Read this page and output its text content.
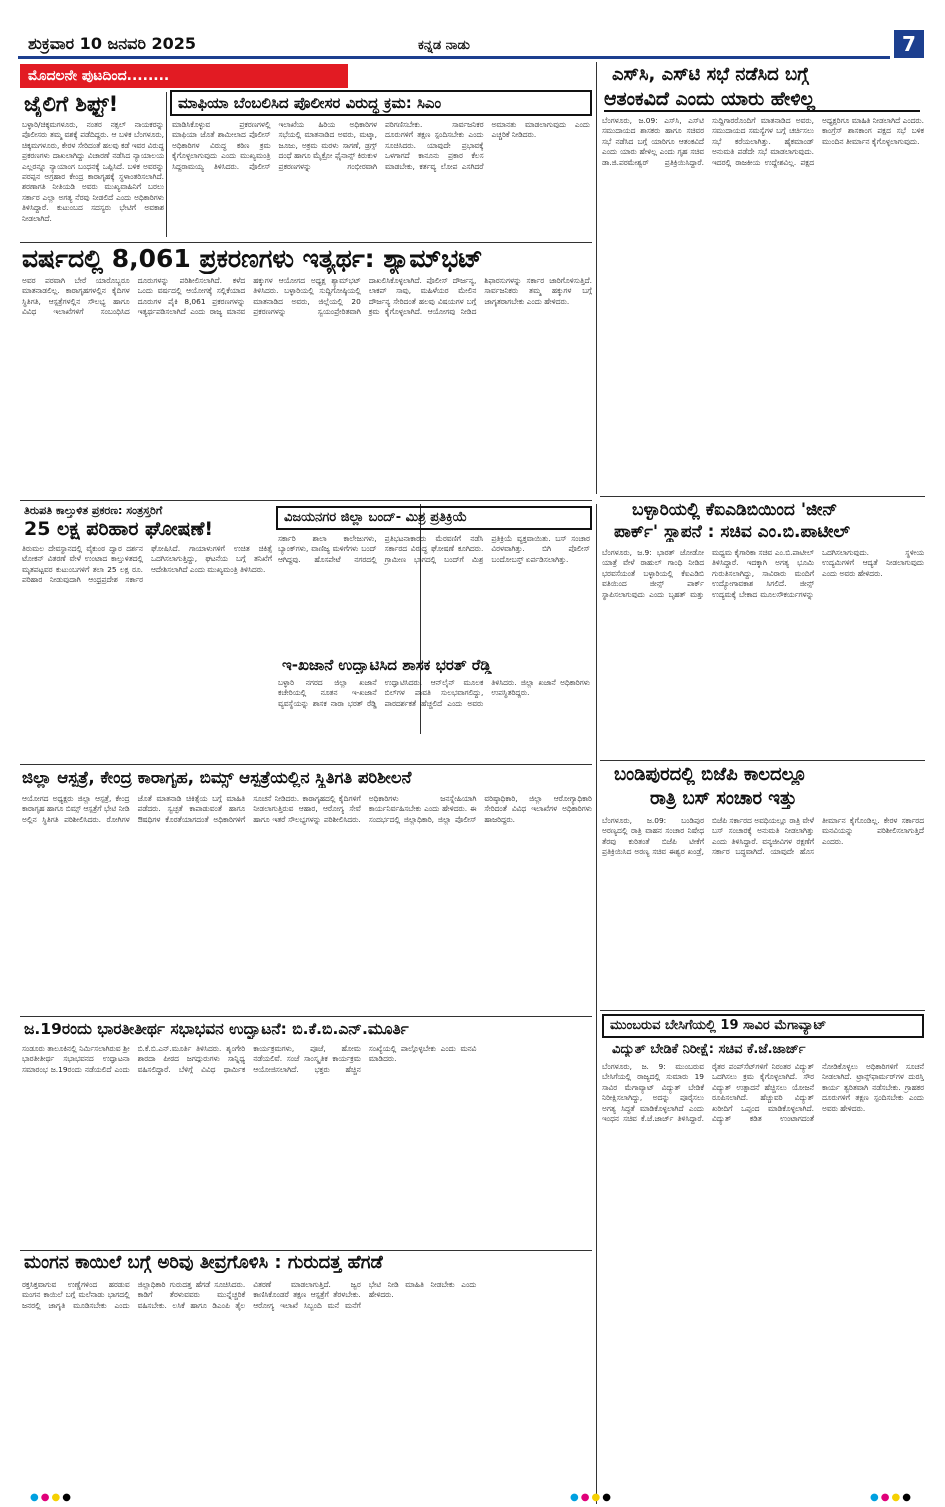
ಶುಕ್ರವಾರ 10 ಜನವರಿ 2025	ಕನ್ನಡ ನಾಡು	7
ಮೊದಲನೇ ಪುಟದಿಂದ........
ಜೈಲಿಗೆ ಶಿಫ್ಟ್!
ಬಳ್ಳಾರಿ/ಚಿಕ್ಕಮಗಳೂರು, ನಂತರ ನಕ್ಸಲ್ ನಾಯಕರನ್ನು ಪೊಲೀಸರು ತಮ್ಮ ವಶಕ್ಕೆ ಪಡೆದಿದ್ದರು. ಆ ಬಳಿಕ ಬೆಂಗಳೂರು, ಚಿಕ್ಕಮಗಳೂರು, ಕೇರಳ ಸೇರಿದಂತೆ ಹಲವು ಕಡೆ ಇವರ ವಿರುದ್ಧ ಪ್ರಕರಣಗಳು ದಾಖಲಾಗಿದ್ದು ವಿಚಾರಣೆ ನಡೆಸಿದ ನ್ಯಾಯಾಲಯ ಎಲ್ಲರನ್ನೂ ನ್ಯಾಯಾಂಗ ಬಂಧನಕ್ಕೆ ಒಪ್ಪಿಸಿದೆ. ಬಳಿಕ ಅವರನ್ನು ಪರಪ್ಪನ ಅಗ್ರಹಾರ ಕೇಂದ್ರ ಕಾರಾಗೃಹಕ್ಕೆ ಸ್ಥಳಾಂತರಿಸಲಾಗಿದೆ. ಶರಣಾಗತಿ ನೀತಿಯಡಿ ಅವರು ಮುಖ್ಯವಾಹಿನಿಗೆ ಬರಲು ಸರ್ಕಾರ ಎಲ್ಲಾ ಅಗತ್ಯ ನೆರವು ನೀಡಲಿದೆ ಎಂದು ಅಧಿಕಾರಿಗಳು ತಿಳಿಸಿದ್ದಾರೆ. ಕುಟುಂಬದ ಸದಸ್ಯರು ಭೇಟಿಗೆ ಅವಕಾಶ ನೀಡಲಾಗಿದೆ.
ಮಾಫಿಯಾ ಬೆಂಬಲಿಸಿದ ಪೊಲೀಸರ ವಿರುದ್ಧ ಕ್ರಮ: ಸಿಎಂ
ಮಾಡಿಸಿಕೊಳ್ಳುವ ಪ್ರಕರಣಗಳಲ್ಲಿ ಮಾಫಿಯಾ ಜೊತೆ ಶಾಮೀಲಾದ ಪೊಲೀಸ್ ಅಧಿಕಾರಿಗಳ ವಿರುದ್ಧ ಕಠಿಣ ಕ್ರಮ ಕೈಗೊಳ್ಳಲಾಗುವುದು ಎಂದು ಮುಖ್ಯಮಂತ್ರಿ ಸಿದ್ದರಾಮಯ್ಯ ತಿಳಿಸಿದರು. ಪೊಲೀಸ್ ಇಲಾಖೆಯ ಹಿರಿಯ ಅಧಿಕಾರಿಗಳ ಸಭೆಯಲ್ಲಿ ಮಾತನಾಡಿದ ಅವರು, ಮಟ್ಕಾ, ಜೂಜು, ಅಕ್ರಮ ಮರಳು ಸಾಗಣೆ, ಡ್ರಗ್ಸ್ ದಂಧೆ ಹಾಗೂ ಮೈಕ್ರೋ ಫೈನಾನ್ಸ್ ಕಿರುಕುಳ ಪ್ರಕರಣಗಳನ್ನು ಗಂಭೀರವಾಗಿ ಪರಿಗಣಿಸಬೇಕು. ಸಾರ್ವಜನಿಕರ ದೂರುಗಳಿಗೆ ತಕ್ಷಣ ಸ್ಪಂದಿಸಬೇಕು ಎಂದು ಸೂಚಿಸಿದರು. ಯಾವುದೇ ಪ್ರಭಾವಕ್ಕೆ ಒಳಗಾಗದೆ ಕಾನೂನು ಪ್ರಕಾರ ಕೆಲಸ ಮಾಡಬೇಕು, ಕರ್ತವ್ಯ ಲೋಪ ಎಸಗಿದರೆ ಅಮಾನತು ಮಾಡಲಾಗುವುದು ಎಂದು ಎಚ್ಚರಿಕೆ ನೀಡಿದರು.
ಎಸ್‌ಸಿ, ಎಸ್‌ಟಿ ಸಭೆ ನಡೆಸಿದ ಬಗ್ಗೆ
ಆತಂಕವಿದೆ ಎಂದು ಯಾರು ಹೇಳಿಲ್ಲ
ಬೆಂಗಳೂರು, ಜ.09: ಎಸ್‌ಸಿ, ಎಸ್‌ಟಿ ಸಮುದಾಯದ ಶಾಸಕರು ಹಾಗೂ ಸಚಿವರ ಸಭೆ ನಡೆಸಿದ ಬಗ್ಗೆ ಯಾರಿಗೂ ಆತಂಕವಿದೆ ಎಂದು ಯಾರು ಹೇಳಿಲ್ಲ ಎಂದು ಗೃಹ ಸಚಿವ ಡಾ.ಜಿ.ಪರಮೇಶ್ವರ್ ಪ್ರತಿಕ್ರಿಯಿಸಿದ್ದಾರೆ. ಸುದ್ದಿಗಾರರೊಂದಿಗೆ ಮಾತನಾಡಿದ ಅವರು, ಸಮುದಾಯದ ಸಮಸ್ಯೆಗಳ ಬಗ್ಗೆ ಚರ್ಚಿಸಲು ಸಭೆ ಕರೆಯಲಾಗಿತ್ತು. ಹೈಕಮಾಂಡ್ ಅನುಮತಿ ಪಡೆದೇ ಸಭೆ ಮಾಡಲಾಗುವುದು. ಇದರಲ್ಲಿ ರಾಜಕೀಯ ಉದ್ದೇಶವಿಲ್ಲ. ಪಕ್ಷದ ಅಧ್ಯಕ್ಷರಿಗೂ ಮಾಹಿತಿ ನೀಡಲಾಗಿದೆ ಎಂದರು. ಕಾಂಗ್ರೆಸ್ ಶಾಸಕಾಂಗ ಪಕ್ಷದ ಸಭೆ ಬಳಿಕ ಮುಂದಿನ ತೀರ್ಮಾನ ಕೈಗೊಳ್ಳಲಾಗುವುದು.
ವರ್ಷದಲ್ಲಿ 8,061 ಪ್ರಕರಣಗಳು ಇತ್ಯರ್ಥ: ಶ್ಯಾಮ್‌ಭಟ್
ಅವರ ಪರವಾಗಿ ಬೇರೆ ಯಾರೊಬ್ಬರೂ ಮಾತನಾಡಲಿಲ್ಲ. ಕಾರಾಗೃಹಗಳಲ್ಲಿನ ಕೈದಿಗಳ ಸ್ಥಿತಿಗತಿ, ಆಸ್ಪತ್ರೆಗಳಲ್ಲಿನ ಸೌಲಭ್ಯ ಹಾಗೂ ವಿವಿಧ ಇಲಾಖೆಗಳಿಗೆ ಸಂಬಂಧಿಸಿದ ದೂರುಗಳನ್ನು ಪರಿಶೀಲಿಸಲಾಗಿದೆ. ಕಳೆದ ಒಂದು ವರ್ಷದಲ್ಲಿ ಆಯೋಗಕ್ಕೆ ಸಲ್ಲಿಕೆಯಾದ ದೂರುಗಳ ಪೈಕಿ 8,061 ಪ್ರಕರಣಗಳನ್ನು ಇತ್ಯರ್ಥಪಡಿಸಲಾಗಿದೆ ಎಂದು ರಾಜ್ಯ ಮಾನವ ಹಕ್ಕುಗಳ ಆಯೋಗದ ಅಧ್ಯಕ್ಷ ಶ್ಯಾಮ್‌ಭಟ್ ತಿಳಿಸಿದರು. ಬಳ್ಳಾರಿಯಲ್ಲಿ ಸುದ್ದಿಗೋಷ್ಠಿಯಲ್ಲಿ ಮಾತನಾಡಿದ ಅವರು, ಜಿಲ್ಲೆಯಲ್ಲಿ 20 ಪ್ರಕರಣಗಳನ್ನು ಸ್ವಯಂಪ್ರೇರಿತವಾಗಿ ದಾಖಲಿಸಿಕೊಳ್ಳಲಾಗಿದೆ. ಪೊಲೀಸ್ ದೌರ್ಜನ್ಯ, ಲಾಕಪ್ ಸಾವು, ಮಹಿಳೆಯರ ಮೇಲಿನ ದೌರ್ಜನ್ಯ ಸೇರಿದಂತೆ ಹಲವು ವಿಷಯಗಳ ಬಗ್ಗೆ ಕ್ರಮ ಕೈಗೊಳ್ಳಲಾಗಿದೆ. ಆಯೋಗವು ನೀಡಿದ ಶಿಫಾರಸುಗಳನ್ನು ಸರ್ಕಾರ ಜಾರಿಗೊಳಿಸುತ್ತಿದೆ. ಸಾರ್ವಜನಿಕರು ತಮ್ಮ ಹಕ್ಕುಗಳ ಬಗ್ಗೆ ಜಾಗೃತರಾಗಬೇಕು ಎಂದು ಹೇಳಿದರು.
ತಿರುಪತಿ ಕಾಲ್ತುಳಿತ ಪ್ರಕರಣ: ಸಂತ್ರಸ್ತರಿಗೆ
25 ಲಕ್ಷ ಪರಿಹಾರ ಘೋಷಣೆ!
ತಿರುಮಲ ದೇವಸ್ಥಾನದಲ್ಲಿ ವೈಕುಂಠ ದ್ವಾರ ದರ್ಶನ ಟೋಕನ್ ವಿತರಣೆ ವೇಳೆ ಉಂಟಾದ ಕಾಲ್ತುಳಿತದಲ್ಲಿ ಮೃತಪಟ್ಟವರ ಕುಟುಂಬಗಳಿಗೆ ತಲಾ 25 ಲಕ್ಷ ರೂ. ಪರಿಹಾರ ನೀಡುವುದಾಗಿ ಆಂಧ್ರಪ್ರದೇಶ ಸರ್ಕಾರ ಘೋಷಿಸಿದೆ. ಗಾಯಾಳುಗಳಿಗೆ ಉಚಿತ ಚಿಕಿತ್ಸೆ ಒದಗಿಸಲಾಗುತ್ತಿದ್ದು, ಘಟನೆಯ ಬಗ್ಗೆ ತನಿಖೆಗೆ ಆದೇಶಿಸಲಾಗಿದೆ ಎಂದು ಮುಖ್ಯಮಂತ್ರಿ ತಿಳಿಸಿದರು.
ವಿಜಯನಗರ ಜಿಲ್ಲಾ ಬಂದ್- ಮಿಶ್ರ ಪ್ರತಿಕ್ರಿಯೆ
ಸರ್ಕಾರಿ ಶಾಲಾ ಕಾಲೇಜುಗಳು, ಬ್ಯಾಂಕ್‌ಗಳು, ವಾಣಿಜ್ಯ ಮಳಿಗೆಗಳು ಬಂದ್ ಆಗಿದ್ದವು. ಹೊಸಪೇಟೆ ನಗರದಲ್ಲಿ ಪ್ರತಿಭಟನಾಕಾರರು ಮೆರವಣಿಗೆ ನಡೆಸಿ ಸರ್ಕಾರದ ವಿರುದ್ಧ ಘೋಷಣೆ ಕೂಗಿದರು. ಗ್ರಾಮೀಣ ಭಾಗದಲ್ಲಿ ಬಂದ್‌ಗೆ ಮಿಶ್ರ ಪ್ರತಿಕ್ರಿಯೆ ವ್ಯಕ್ತವಾಯಿತು. ಬಸ್ ಸಂಚಾರ ವಿರಳವಾಗಿತ್ತು. ಬಿಗಿ ಪೊಲೀಸ್ ಬಂದೋಬಸ್ತ್ ಏರ್ಪಡಿಸಲಾಗಿತ್ತು.
ಇ-ಖಜಾನೆ ಉದ್ಘಾಟಿಸಿದ ಶಾಸಕ ಭರತ್ ರೆಡ್ಡಿ
ಬಳ್ಳಾರಿ ನಗರದ ಜಿಲ್ಲಾ ಖಜಾನೆ ಕಚೇರಿಯಲ್ಲಿ ನೂತನ ಇ-ಖಜಾನೆ ವ್ಯವಸ್ಥೆಯನ್ನು ಶಾಸಕ ನಾರಾ ಭರತ್ ರೆಡ್ಡಿ ಉದ್ಘಾಟಿಸಿದರು. ಆನ್‌ಲೈನ್ ಮೂಲಕ ಬಿಲ್‌ಗಳ ಪಾವತಿ ಸುಲಭವಾಗಲಿದ್ದು, ಪಾರದರ್ಶಕತೆ ಹೆಚ್ಚಲಿದೆ ಎಂದು ಅವರು ತಿಳಿಸಿದರು. ಜಿಲ್ಲಾ ಖಜಾನೆ ಅಧಿಕಾರಿಗಳು ಉಪಸ್ಥಿತರಿದ್ದರು.
ಬಳ್ಳಾರಿಯಲ್ಲಿ ಕೆಐಎಡಿಬಿಯಿಂದ 'ಜೀನ್
ಪಾರ್ಕ್' ಸ್ಥಾಪನೆ : ಸಚಿವ ಎಂ.ಬಿ.ಪಾಟೀಲ್
ಬೆಂಗಳೂರು, ಜ.9: ಭಾರತ್ ಜೋಡೋ ಯಾತ್ರೆ ವೇಳೆ ರಾಹುಲ್ ಗಾಂಧಿ ನೀಡಿದ ಭರವಸೆಯಂತೆ ಬಳ್ಳಾರಿಯಲ್ಲಿ ಕೆಐಎಡಿಬಿ ವತಿಯಿಂದ ಜೀನ್ಸ್ ಪಾರ್ಕ್ ಸ್ಥಾಪಿಸಲಾಗುವುದು ಎಂದು ಬೃಹತ್ ಮತ್ತು ಮಧ್ಯಮ ಕೈಗಾರಿಕಾ ಸಚಿವ ಎಂ.ಬಿ.ಪಾಟೀಲ್ ತಿಳಿಸಿದ್ದಾರೆ. ಇದಕ್ಕಾಗಿ ಅಗತ್ಯ ಭೂಮಿ ಗುರುತಿಸಲಾಗಿದ್ದು, ಸಾವಿರಾರು ಮಂದಿಗೆ ಉದ್ಯೋಗಾವಕಾಶ ಸಿಗಲಿದೆ. ಜೀನ್ಸ್ ಉದ್ಯಮಕ್ಕೆ ಬೇಕಾದ ಮೂಲಸೌಕರ್ಯಗಳನ್ನು ಒದಗಿಸಲಾಗುವುದು. ಸ್ಥಳೀಯ ಉದ್ಯಮಿಗಳಿಗೆ ಆದ್ಯತೆ ನೀಡಲಾಗುವುದು ಎಂದು ಅವರು ಹೇಳಿದರು.
ಜಿಲ್ಲಾ ಆಸ್ಪತ್ರೆ, ಕೇಂದ್ರ ಕಾರಾಗೃಹ, ಬಿಮ್ಸ್ ಆಸ್ಪತ್ರೆಯಲ್ಲಿನ ಸ್ಥಿತಿಗತಿ ಪರಿಶೀಲನೆ
ಆಯೋಗದ ಅಧ್ಯಕ್ಷರು ಜಿಲ್ಲಾ ಆಸ್ಪತ್ರೆ, ಕೇಂದ್ರ ಕಾರಾಗೃಹ ಹಾಗೂ ಬಿಮ್ಸ್ ಆಸ್ಪತ್ರೆಗೆ ಭೇಟಿ ನೀಡಿ ಅಲ್ಲಿನ ಸ್ಥಿತಿಗತಿ ಪರಿಶೀಲಿಸಿದರು. ರೋಗಿಗಳ ಜೊತೆ ಮಾತನಾಡಿ ಚಿಕಿತ್ಸೆಯ ಬಗ್ಗೆ ಮಾಹಿತಿ ಪಡೆದರು. ಸ್ವಚ್ಛತೆ ಕಾಪಾಡುವಂತೆ ಹಾಗೂ ಔಷಧಿಗಳ ಕೊರತೆಯಾಗದಂತೆ ಅಧಿಕಾರಿಗಳಿಗೆ ಸೂಚನೆ ನೀಡಿದರು. ಕಾರಾಗೃಹದಲ್ಲಿ ಕೈದಿಗಳಿಗೆ ನೀಡಲಾಗುತ್ತಿರುವ ಆಹಾರ, ಆರೋಗ್ಯ ಸೇವೆ ಹಾಗೂ ಇತರೆ ಸೌಲಭ್ಯಗಳನ್ನು ಪರಿಶೀಲಿಸಿದರು. ಅಧಿಕಾರಿಗಳು ಜನಸ್ನೇಹಿಯಾಗಿ ಕಾರ್ಯನಿರ್ವಹಿಸಬೇಕು ಎಂದು ಹೇಳಿದರು. ಈ ಸಂದರ್ಭದಲ್ಲಿ ಜಿಲ್ಲಾಧಿಕಾರಿ, ಜಿಲ್ಲಾ ಪೊಲೀಸ್ ವರಿಷ್ಠಾಧಿಕಾರಿ, ಜಿಲ್ಲಾ ಆರೋಗ್ಯಾಧಿಕಾರಿ ಸೇರಿದಂತೆ ವಿವಿಧ ಇಲಾಖೆಗಳ ಅಧಿಕಾರಿಗಳು ಹಾಜರಿದ್ದರು.
ಬಂಡಿಪುರದಲ್ಲಿ ಬಿಜೆಪಿ ಕಾಲದಲ್ಲೂ
ರಾತ್ರಿ ಬಸ್ ಸಂಚಾರ ಇತ್ತು
ಬೆಂಗಳೂರು, ಜ.09: ಬಂಡಿಪುರ ಅರಣ್ಯದಲ್ಲಿ ರಾತ್ರಿ ವಾಹನ ಸಂಚಾರ ನಿಷೇಧ ತೆರವು ಕುರಿತಂತೆ ಬಿಜೆಪಿ ಟೀಕೆಗೆ ಪ್ರತಿಕ್ರಿಯಿಸಿದ ಅರಣ್ಯ ಸಚಿವ ಈಶ್ವರ ಖಂಡ್ರೆ, ಬಿಜೆಪಿ ಸರ್ಕಾರದ ಅವಧಿಯಲ್ಲೂ ರಾತ್ರಿ ವೇಳೆ ಬಸ್ ಸಂಚಾರಕ್ಕೆ ಅನುಮತಿ ನೀಡಲಾಗಿತ್ತು ಎಂದು ತಿಳಿಸಿದ್ದಾರೆ. ವನ್ಯಜೀವಿಗಳ ರಕ್ಷಣೆಗೆ ಸರ್ಕಾರ ಬದ್ಧವಾಗಿದೆ. ಯಾವುದೇ ಹೊಸ ತೀರ್ಮಾನ ಕೈಗೊಂಡಿಲ್ಲ. ಕೇರಳ ಸರ್ಕಾರದ ಮನವಿಯನ್ನು ಪರಿಶೀಲಿಸಲಾಗುತ್ತಿದೆ ಎಂದರು.
ಜ.19ರಂದು ಭಾರತೀತೀರ್ಥ ಸಭಾಭವನ ಉದ್ಘಾಟನೆ: ಬಿ.ಕೆ.ಬಿ.ಎನ್.ಮೂರ್ತಿ
ಸಂಡೂರು ತಾಲೂಕಿನಲ್ಲಿ ನಿರ್ಮಿಸಲಾಗಿರುವ ಶ್ರೀ ಭಾರತೀತೀರ್ಥ ಸಭಾಭವನದ ಉದ್ಘಾಟನಾ ಸಮಾರಂಭ ಜ.19ರಂದು ನಡೆಯಲಿದೆ ಎಂದು ಬಿ.ಕೆ.ಬಿ.ಎನ್.ಮೂರ್ತಿ ತಿಳಿಸಿದರು. ಶೃಂಗೇರಿ ಶಾರದಾ ಪೀಠದ ಜಗದ್ಗುರುಗಳು ಸಾನ್ನಿಧ್ಯ ವಹಿಸಲಿದ್ದಾರೆ. ಬೆಳಿಗ್ಗೆ ವಿವಿಧ ಧಾರ್ಮಿಕ ಕಾರ್ಯಕ್ರಮಗಳು, ಪೂಜೆ, ಹೋಮ ನಡೆಯಲಿವೆ. ಸಂಜೆ ಸಾಂಸ್ಕೃತಿಕ ಕಾರ್ಯಕ್ರಮ ಆಯೋಜಿಸಲಾಗಿದೆ. ಭಕ್ತರು ಹೆಚ್ಚಿನ ಸಂಖ್ಯೆಯಲ್ಲಿ ಪಾಲ್ಗೊಳ್ಳಬೇಕು ಎಂದು ಮನವಿ ಮಾಡಿದರು.
ಮುಂಬರುವ ಬೇಸಿಗೆಯಲ್ಲಿ 19 ಸಾವಿರ ಮೆಗಾವ್ಯಾಟ್
ವಿದ್ಯುತ್ ಬೇಡಿಕೆ ನಿರೀಕ್ಷೆ: ಸಚಿವ ಕೆ.ಜೆ.ಜಾರ್ಜ್
ಬೆಂಗಳೂರು, ಜ. 9: ಮುಂಬರುವ ಬೇಸಿಗೆಯಲ್ಲಿ ರಾಜ್ಯದಲ್ಲಿ ಸುಮಾರು 19 ಸಾವಿರ ಮೆಗಾವ್ಯಾಟ್ ವಿದ್ಯುತ್ ಬೇಡಿಕೆ ನಿರೀಕ್ಷಿಸಲಾಗಿದ್ದು, ಅದನ್ನು ಪೂರೈಸಲು ಅಗತ್ಯ ಸಿದ್ಧತೆ ಮಾಡಿಕೊಳ್ಳಲಾಗಿದೆ ಎಂದು ಇಂಧನ ಸಚಿವ ಕೆ.ಜೆ.ಜಾರ್ಜ್ ತಿಳಿಸಿದ್ದಾರೆ. ರೈತರ ಪಂಪ್‌ಸೆಟ್‌ಗಳಿಗೆ ನಿರಂತರ ವಿದ್ಯುತ್ ಒದಗಿಸಲು ಕ್ರಮ ಕೈಗೊಳ್ಳಲಾಗಿದೆ. ಸೌರ ವಿದ್ಯುತ್ ಉತ್ಪಾದನೆ ಹೆಚ್ಚಿಸಲು ಯೋಜನೆ ರೂಪಿಸಲಾಗಿದೆ. ಹೆಚ್ಚುವರಿ ವಿದ್ಯುತ್ ಖರೀದಿಗೆ ಒಪ್ಪಂದ ಮಾಡಿಕೊಳ್ಳಲಾಗಿದೆ. ವಿದ್ಯುತ್ ಕಡಿತ ಉಂಟಾಗದಂತೆ ನೋಡಿಕೊಳ್ಳಲು ಅಧಿಕಾರಿಗಳಿಗೆ ಸೂಚನೆ ನೀಡಲಾಗಿದೆ. ಟ್ರಾನ್ಸ್‌ಫಾರ್ಮರ್‌ಗಳ ದುರಸ್ತಿ ಕಾರ್ಯ ತ್ವರಿತವಾಗಿ ನಡೆಸಬೇಕು. ಗ್ರಾಹಕರ ದೂರುಗಳಿಗೆ ತಕ್ಷಣ ಸ್ಪಂದಿಸಬೇಕು ಎಂದು ಅವರು ಹೇಳಿದರು.
ಮಂಗನ ಕಾಯಿಲೆ ಬಗ್ಗೆ ಅರಿವು ತೀವ್ರಗೊಳಿಸಿ : ಗುರುದತ್ತ ಹೆಗಡೆ
ರಕ್ತಸಿಕ್ತವಾಗುವ ಉಣ್ಣೆಗಳಿಂದ ಹರಡುವ ಮಂಗನ ಕಾಯಿಲೆ ಬಗ್ಗೆ ಮಲೆನಾಡು ಭಾಗದಲ್ಲಿ ಜನರಲ್ಲಿ ಜಾಗೃತಿ ಮೂಡಿಸಬೇಕು ಎಂದು ಜಿಲ್ಲಾಧಿಕಾರಿ ಗುರುದತ್ತ ಹೆಗಡೆ ಸೂಚಿಸಿದರು. ಕಾಡಿಗೆ ತೆರಳುವವರು ಮುನ್ನೆಚ್ಚರಿಕೆ ವಹಿಸಬೇಕು. ಲಸಿಕೆ ಹಾಗೂ ಡಿಎಂಪಿ ತೈಲ ವಿತರಣೆ ಮಾಡಲಾಗುತ್ತಿದೆ. ಜ್ವರ ಕಾಣಿಸಿಕೊಂಡರೆ ತಕ್ಷಣ ಆಸ್ಪತ್ರೆಗೆ ತೆರಳಬೇಕು. ಆರೋಗ್ಯ ಇಲಾಖೆ ಸಿಬ್ಬಂದಿ ಮನೆ ಮನೆಗೆ ಭೇಟಿ ನೀಡಿ ಮಾಹಿತಿ ನೀಡಬೇಕು ಎಂದು ಹೇಳಿದರು.
●●●●	●●●●	●●●●
